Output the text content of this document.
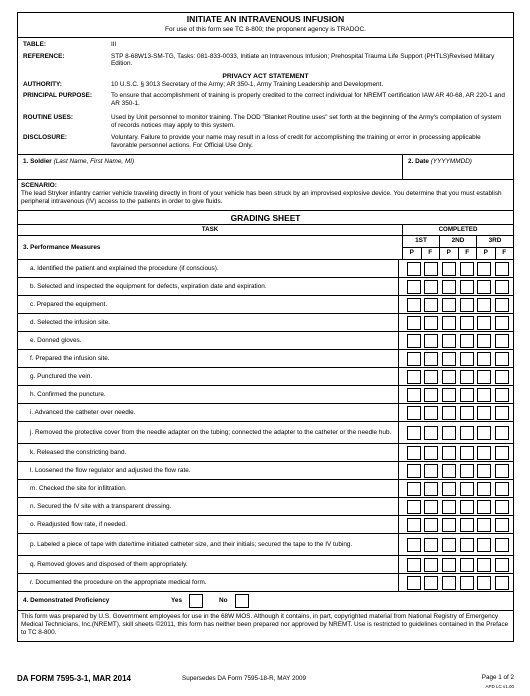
INITIATE AN INTRAVENOUS INFUSION
For use of this form see TC 8-800; the proponent agency is TRADOC.
TABLE:	III
REFERENCE:	STP 8-68W13-SM-TG, Tasks: 081-833-0033, Initiate an Intravenous Infusion; Prehospital Trauma Life Support (PHTLS)Revised Military Edition.
PRIVACY ACT STATEMENT
AUTHORITY:	10 U.S.C. § 3013 Secretary of the Army; AR 350-1, Army Training Leadership and Development.
PRINCIPAL PURPOSE:	To ensure that accomplishment of training is properly credited to the correct individual for NREMT certification IAW AR 40-68, AR 220-1 and AR 350-1.
ROUTINE USES:	Used by Unit personnel to monitor training. The DOD "Blanket Routine uses" set forth at the beginning of the Army's compilation of system of records notices may apply to this system.
DISCLOSURE:	Voluntary. Failure to provide your name may result in a loss of credit for accomplishing the training or error in processing applicable favorable personnel actions. For Official Use Only.
1. Soldier (Last Name, First Name, MI)	2. Date (YYYYMMDD)
SCENARIO:
The lead Stryker infantry carrier vehicle traveling directly in front of your vehicle has been struck by an improvised explosive device. You determine that you must establish peripheral intravenous (IV) access to the patients in order to give fluids.
GRADING SHEET
TASK	COMPLETED
3. Performance Measures
1ST
P	F
2ND
P	F
3RD
P	F
a. Identified the patient and explained the procedure (if conscious).
b. Selected and inspected the equipment for defects, expiration date and expiration.
c. Prepared the equipment.
d. Selected the infusion site.
e. Donned gloves.
f. Prepared the infusion site.
g. Punctured the vein.
h. Confirmed the puncture.
i. Advanced the catheter over needle.
j. Removed the protective cover from the needle adapter on the tubing; connected the adapter to the catheter or the needle hub.
k. Released the constricting band.
l. Loosened the flow regulator and adjusted the flow rate.
m. Checked the site for infiltration.
n. Secured the IV site with a transparent dressing.
o. Readjusted flow rate, if needed.
p. Labeled a piece of tape with date/time initiated catheter size, and their initials; secured the tape to the IV tubing.
q. Removed gloves and disposed of them appropriately.
r. Documented the procedure on the appropriate medical form.
4. Demonstrated Proficiency	Yes	No
This form was prepared by U.S. Government employees for use in the 68W MOS. Although it contains, in part, copyrighted material from National Registry of Emergency Medical Technicians, Inc.(NREMT), skill sheets ©2011, this form has neither been prepared nor approved by NREMT. Use is restricted to guidelines contained in the Preface to TC 8-800.
DA FORM 7595-3-1, MAR 2014	Supersedes DA Form 7595-18-R, MAY 2009	Page 1 of 2
APD LC v1.00
